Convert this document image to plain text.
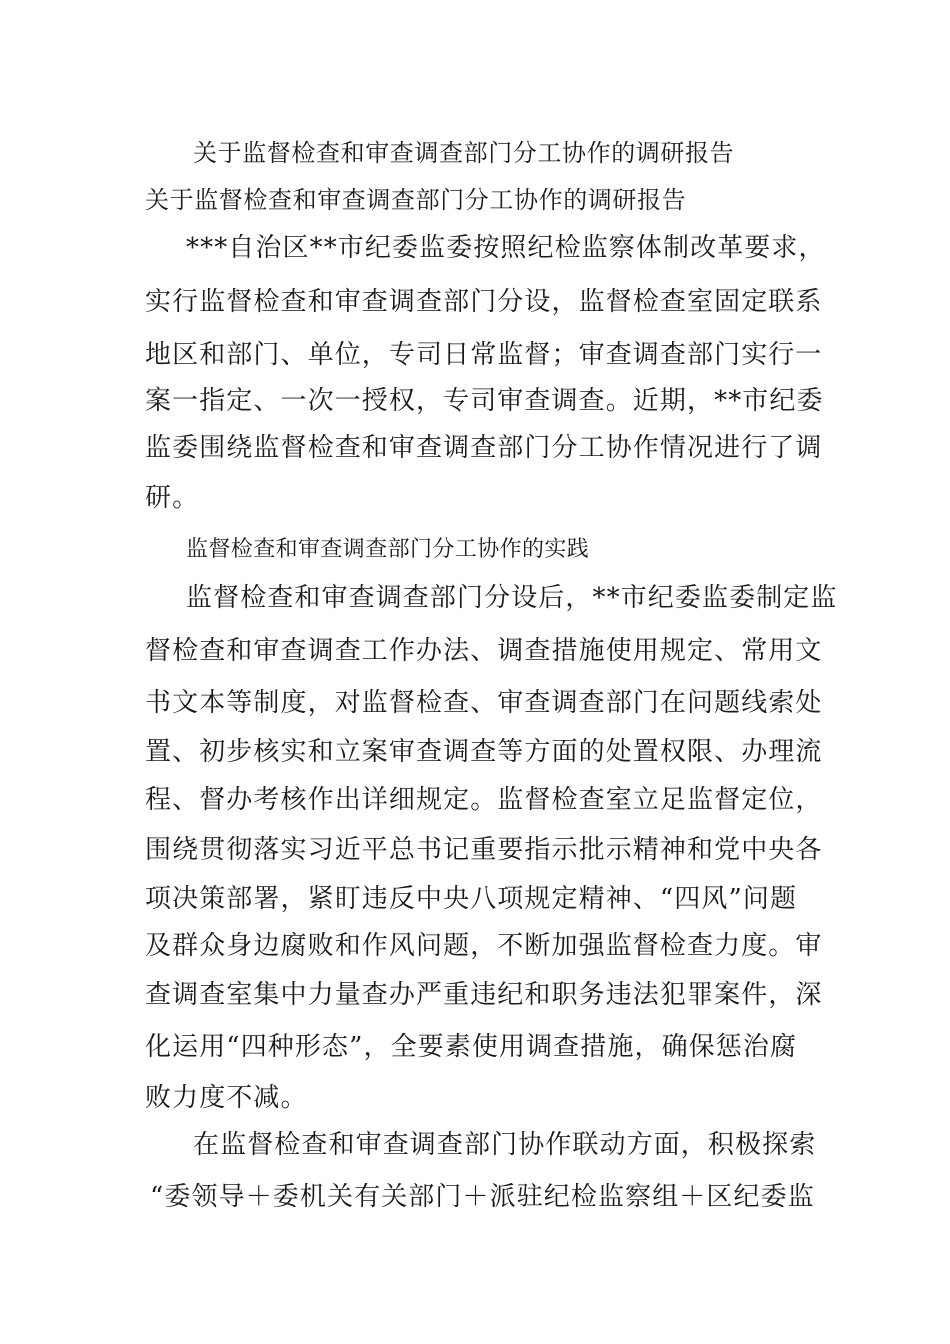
关于监督检查和审查调查部门分工协作的调研报告
关于监督检查和审查调查部门分工协作的调研报告
***自治区**市纪委监委按照纪检监察体制改革要求，
实行监督检查和审查调查部门分设，监督检查室固定联系
地区和部门、单位，专司日常监督；审查调查部门实行一
案一指定、一次一授权，专司审查调查。近期，**市纪委
监委围绕监督检查和审查调查部门分工协作情况进行了调
研。
监督检查和审查调查部门分工协作的实践
监督检查和审查调查部门分设后，**市纪委监委制定监
督检查和审查调查工作办法、调查措施使用规定、常用文
书文本等制度，对监督检查、审查调查部门在问题线索处
置、初步核实和立案审查调查等方面的处置权限、办理流
程、督办考核作出详细规定。监督检查室立足监督定位，
围绕贯彻落实习近平总书记重要指示批示精神和党中央各
项决策部署，紧盯违反中央八项规定精神、“四风”问题
及群众身边腐败和作风问题，不断加强监督检查力度。审
查调查室集中力量查办严重违纪和职务违法犯罪案件，深
化运用“四种形态”，全要素使用调查措施，确保惩治腐
败力度不减。
在监督检查和审查调查部门协作联动方面，积极探索
“委领导＋委机关有关部门＋派驻纪检监察组＋区纪委监
